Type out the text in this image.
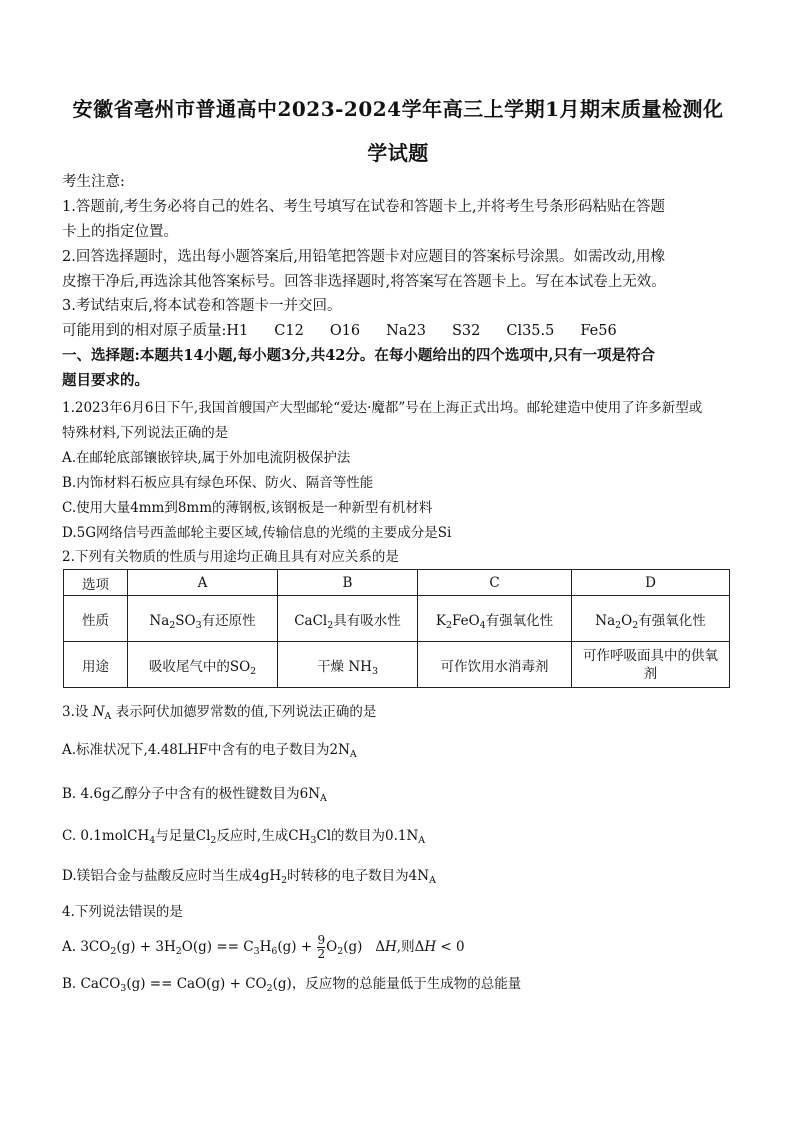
安徽省亳州市普通高中2023-2024学年高三上学期1月期末质量检测化
学试题
考生注意:
1.答题前,考生务必将自己的姓名、考生号填写在试卷和答题卡上,并将考生号条形码粘贴在答题
卡上的指定位置。
2.回答选择题时，选出每小题答案后,用铅笔把答题卡对应题目的答案标号涂黑。如需改动,用橡
皮擦干净后,再选涂其他答案标号。回答非选择题时,将答案写在答题卡上。写在本试卷上无效。
3.考试结束后,将本试卷和答题卡一并交回。
可能用到的相对原子质量:H1 C12 O16 Na23 S32 Cl35.5 Fe56
一、选择题:本题共14小题,每小题3分,共42分。在每小题给出的四个选项中,只有一项是符合
题目要求的。
1.2023年6月6日下午,我国首艘国产大型邮轮“爱达·魔都”号在上海正式出坞。邮轮建造中使用了许多新型或
特殊材料,下列说法正确的是
A.在邮轮底部镶嵌锌块,属于外加电流阴极保护法
B.内饰材料石板应具有绿色环保、防火、隔音等性能
C.使用大量4mm到8mm的薄钢板,该钢板是一种新型有机材料
D.5G网络信号西盖邮轮主要区域,传输信息的光缆的主要成分是Si
2.下列有关物质的性质与用途均正确且具有对应关系的是
选项	A	B	C	D
性质	$Na_2SO_3$有还原性	CaCl$_2$具有吸水性	$K_2FeO_4$有强氧化性	$Na_2O_2$有强氧化性
用途	吸收尾气中的$SO_2$	干燥 $NH_3$	可作饮用水消毒剂	可作呼吸面具中的供氧
剂
3.设 $N_A$ 表示阿伏加德罗常数的值,下列说法正确的是
A.标准状况下,4.48LHF中含有的电子数目为$2N_A$
B. 4.6g乙醇分子中含有的极性键数目为$6N_A$
C. 0.1molCH$_4$与足量$Cl_2$反应时,生成$CH_3Cl$的数目为$0.1N_A$
D.镁铝合金与盐酸反应时当生成$4gH_2$时转移的电子数目为$4N_A$
4.下列说法错误的是
A. $3CO_2(g) + 3H_2O(g) == C_3H_6(g) + \frac{9}{2} O_2(g)$   ΔH,则ΔH < 0
B. CaCO$_3$(g) == $CaO(g) + CO_2(g)$，反应物的总能量低于生成物的总能量
